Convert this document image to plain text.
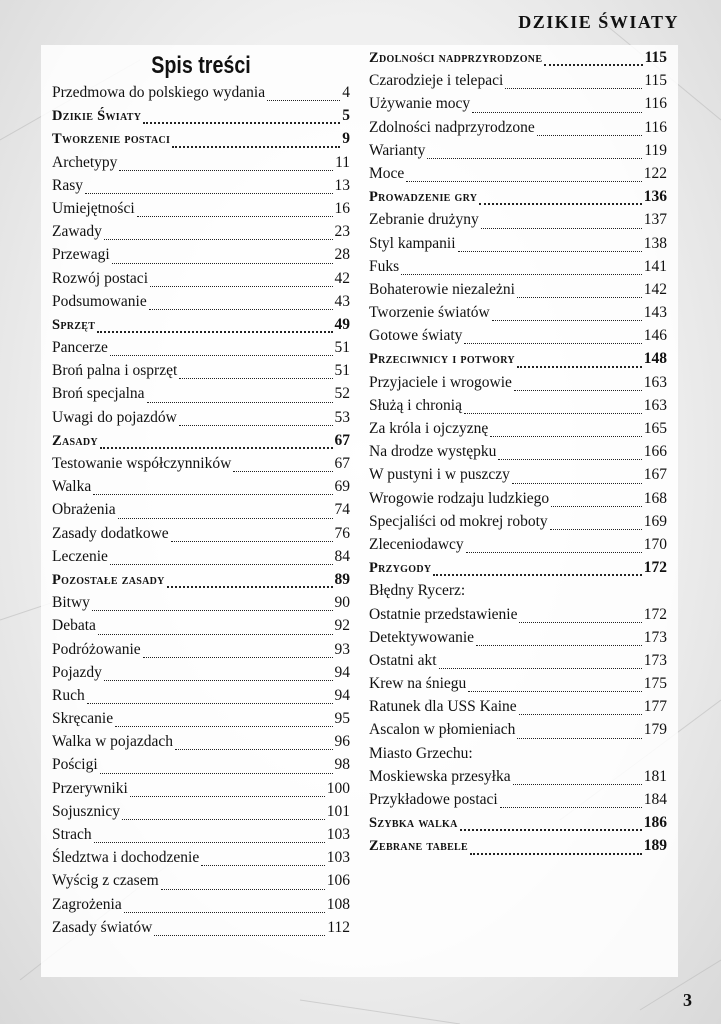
DZIKIE ŚWIATY
Spis treści
Przedmowa do polskiego wydania	4
Dzikie Światy	5
Tworzenie postaci	9
Archetypy	11
Rasy	13
Umiejętności	16
Zawady	23
Przewagi	28
Rozwój postaci	42
Podsumowanie	43
Sprzęt	49
Pancerze	51
Broń palna i osprzęt	51
Broń specjalna	52
Uwagi do pojazdów	53
Zasady	67
Testowanie współczynników	67
Walka	69
Obrażenia	74
Zasady dodatkowe	76
Leczenie	84
Pozostałe zasady	89
Bitwy	90
Debata	92
Podróżowanie	93
Pojazdy	94
Ruch	94
Skręcanie	95
Walka w pojazdach	96
Pościgi	98
Przerywniki	100
Sojusznicy	101
Strach	103
Śledztwa i dochodzenie	103
Wyścig z czasem	106
Zagrożenia	108
Zasady światów	112
Zdolności nadprzyrodzone	115
Czarodzieje i telepaci	115
Używanie mocy	116
Zdolności nadprzyrodzone	116
Warianty	119
Moce	122
Prowadzenie gry	136
Zebranie drużyny	137
Styl kampanii	138
Fuks	141
Bohaterowie niezależni	142
Tworzenie światów	143
Gotowe światy	146
Przeciwnicy i potwory	148
Przyjaciele i wrogowie	163
Służą i chronią	163
Za króla i ojczyznę	165
Na drodze występku	166
W pustyni i w puszczy	167
Wrogowie rodzaju ludzkiego	168
Specjaliści od mokrej roboty	169
Zleceniodawcy	170
Przygody	172
Błędny Rycerz:
Ostatnie przedstawienie	172
Detektywowanie	173
Ostatni akt	173
Krew na śniegu	175
Ratunek dla USS Kaine	177
Ascalon w płomieniach	179
Miasto Grzechu:
Moskiewska przesyłka	181
Przykładowe postaci	184
Szybka walka	186
Zebrane tabele	189
3
